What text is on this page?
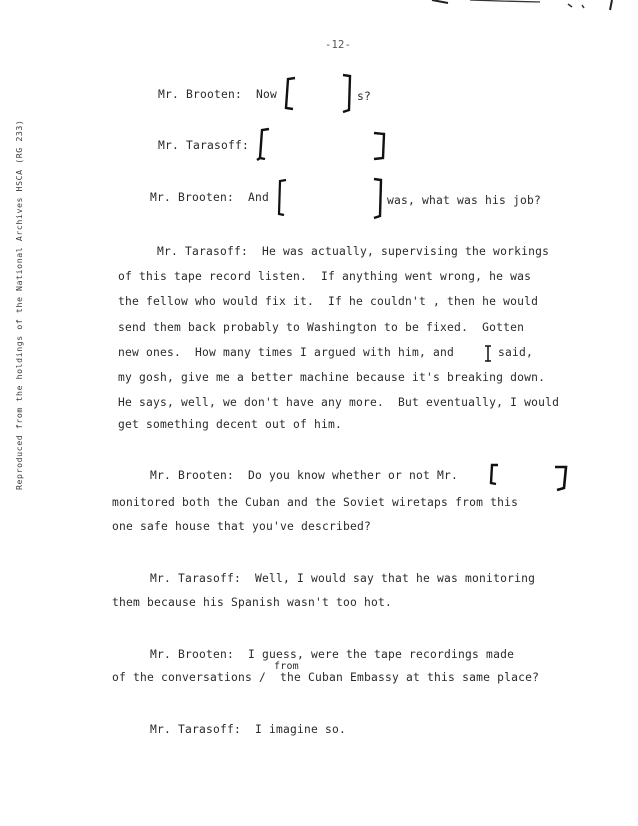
-12-
Reproduced from the holdings of the National Archives HSCA (RG 233)
Mr. Brooten:  Now	s?
Mr. Tarasoff:
Mr. Brooten:  And	was, what was his job?
Mr. Tarasoff:  He was actually, supervising the workings
of this tape record listen.  If anything went wrong, he was
the fellow who would fix it.  If he couldn't , then he would
send them back probably to Washington to be fixed.  Gotten
new ones.  How many times I argued with him, and	said,
my gosh, give me a better machine because it's breaking down.
He says, well, we don't have any more.  But eventually, I would
get something decent out of him.
Mr. Brooten:  Do you know whether or not Mr.
monitored both the Cuban and the Soviet wiretaps from this
one safe house that you've described?
Mr. Tarasoff:  Well, I would say that he was monitoring
them because his Spanish wasn't too hot.
Mr. Brooten:  I guess, were the tape recordings made
from
of the conversations /  the Cuban Embassy at this same place?
Mr. Tarasoff:  I imagine so.
